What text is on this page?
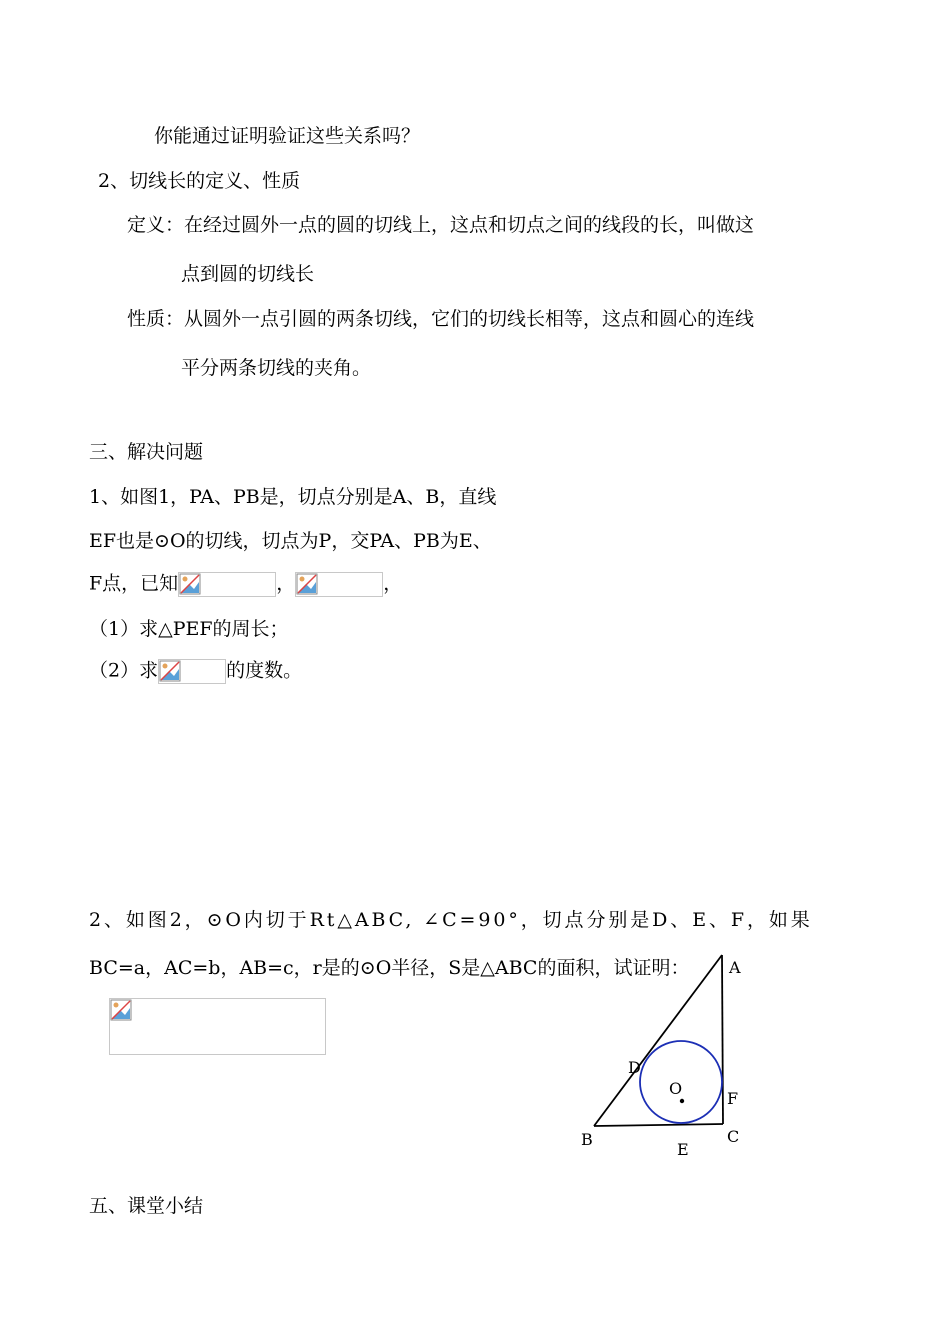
你能通过证明验证这些关系吗？
2、切线长的定义、性质
定义：在经过圆外一点的圆的切线上，这点和切点之间的线段的长，叫做这
点到圆的切线长
性质：从圆外一点引圆的两条切线，它们的切线长相等，这点和圆心的连线
平分两条切线的夹角。
三、解决问题
1、如图1，PA、PB是，切点分别是A、B，直线
EF也是⊙O的切线，切点为P，交PA、PB为E、
F点，已知	，	，
（1）求△PEF的周长；
（2）求	的度数。
2、如图2，⊙O内切于Rt△ABC, ∠C=90°，切点分别是D、E、F，如果
BC=a，AC=b，AB=c，r是的⊙O半径，S是△ABC的面积，试证明： A
B	C
D
E
F
O
五、课堂小结
